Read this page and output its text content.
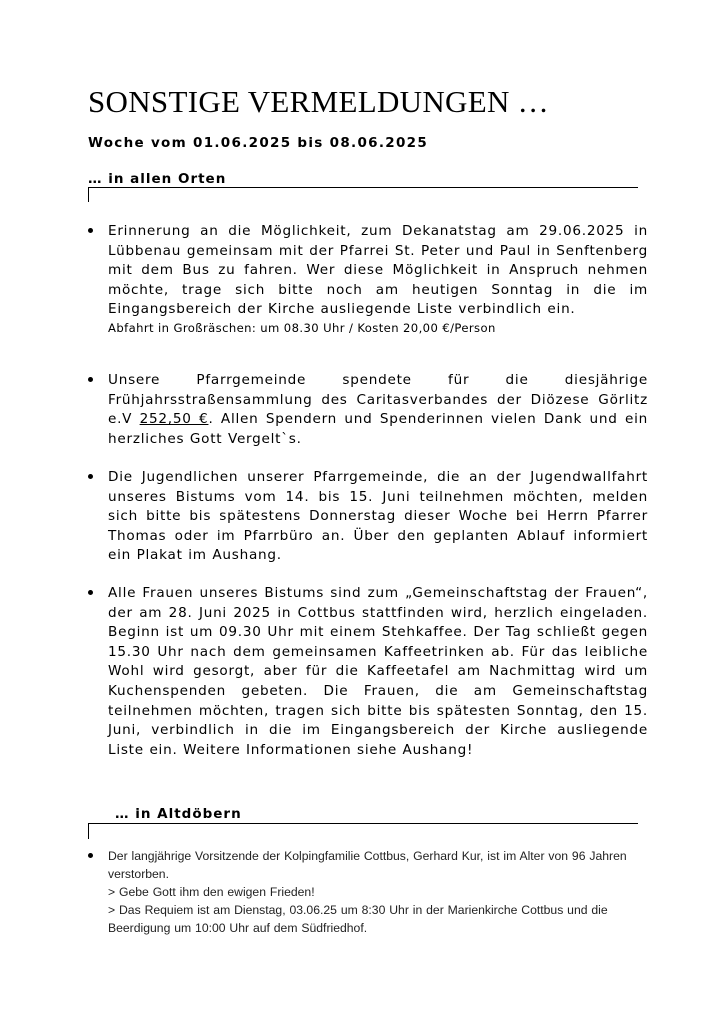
SONSTIGE VERMELDUNGEN …
Woche vom 01.06.2025 bis 08.06.2025
… in allen Orten
Erinnerung an die Möglichkeit, zum Dekanatstag am 29.06.2025 in Lübbenau gemeinsam mit der Pfarrei St. Peter und Paul in Senftenberg mit dem Bus zu fahren. Wer diese Möglichkeit in Anspruch nehmen möchte, trage sich bitte noch am heutigen Sonntag in die im Eingangsbereich der Kirche ausliegende Liste verbindlich ein.
Abfahrt in Großräschen: um 08.30 Uhr / Kosten 20,00 €/Person
Unsere Pfarrgemeinde spendete für die diesjährige Frühjahrsstraßensammlung des Caritasverbandes der Diözese Görlitz e.V 252,50 €. Allen Spendern und Spenderinnen vielen Dank und ein herzliches Gott Vergelt`s.
Die Jugendlichen unserer Pfarrgemeinde, die an der Jugendwallfahrt unseres Bistums vom 14. bis 15. Juni teilnehmen möchten, melden sich bitte bis spätestens Donnerstag dieser Woche bei Herrn Pfarrer Thomas oder im Pfarrbüro an. Über den geplanten Ablauf informiert ein Plakat im Aushang.
Alle Frauen unseres Bistums sind zum „Gemeinschaftstag der Frauen“, der am 28. Juni 2025 in Cottbus stattfinden wird, herzlich eingeladen. Beginn ist um 09.30 Uhr mit einem Stehkaffee. Der Tag schließt gegen 15.30 Uhr nach dem gemeinsamen Kaffeetrinken ab. Für das leibliche Wohl wird gesorgt, aber für die Kaffeetafel am Nachmittag wird um Kuchenspenden gebeten. Die Frauen, die am Gemeinschaftstag teilnehmen möchten, tragen sich bitte bis spätesten Sonntag, den 15. Juni, verbindlich in die im Eingangsbereich der Kirche ausliegende Liste ein. Weitere Informationen siehe Aushang!
… in Altdöbern
Der langjährige Vorsitzende der Kolpingfamilie Cottbus, Gerhard Kur, ist im Alter von 96 Jahren verstorben.
> Gebe Gott ihm den ewigen Frieden!
> Das Requiem ist am Dienstag, 03.06.25 um 8:30 Uhr in der Marienkirche Cottbus und die Beerdigung um 10:00 Uhr auf dem Südfriedhof.
